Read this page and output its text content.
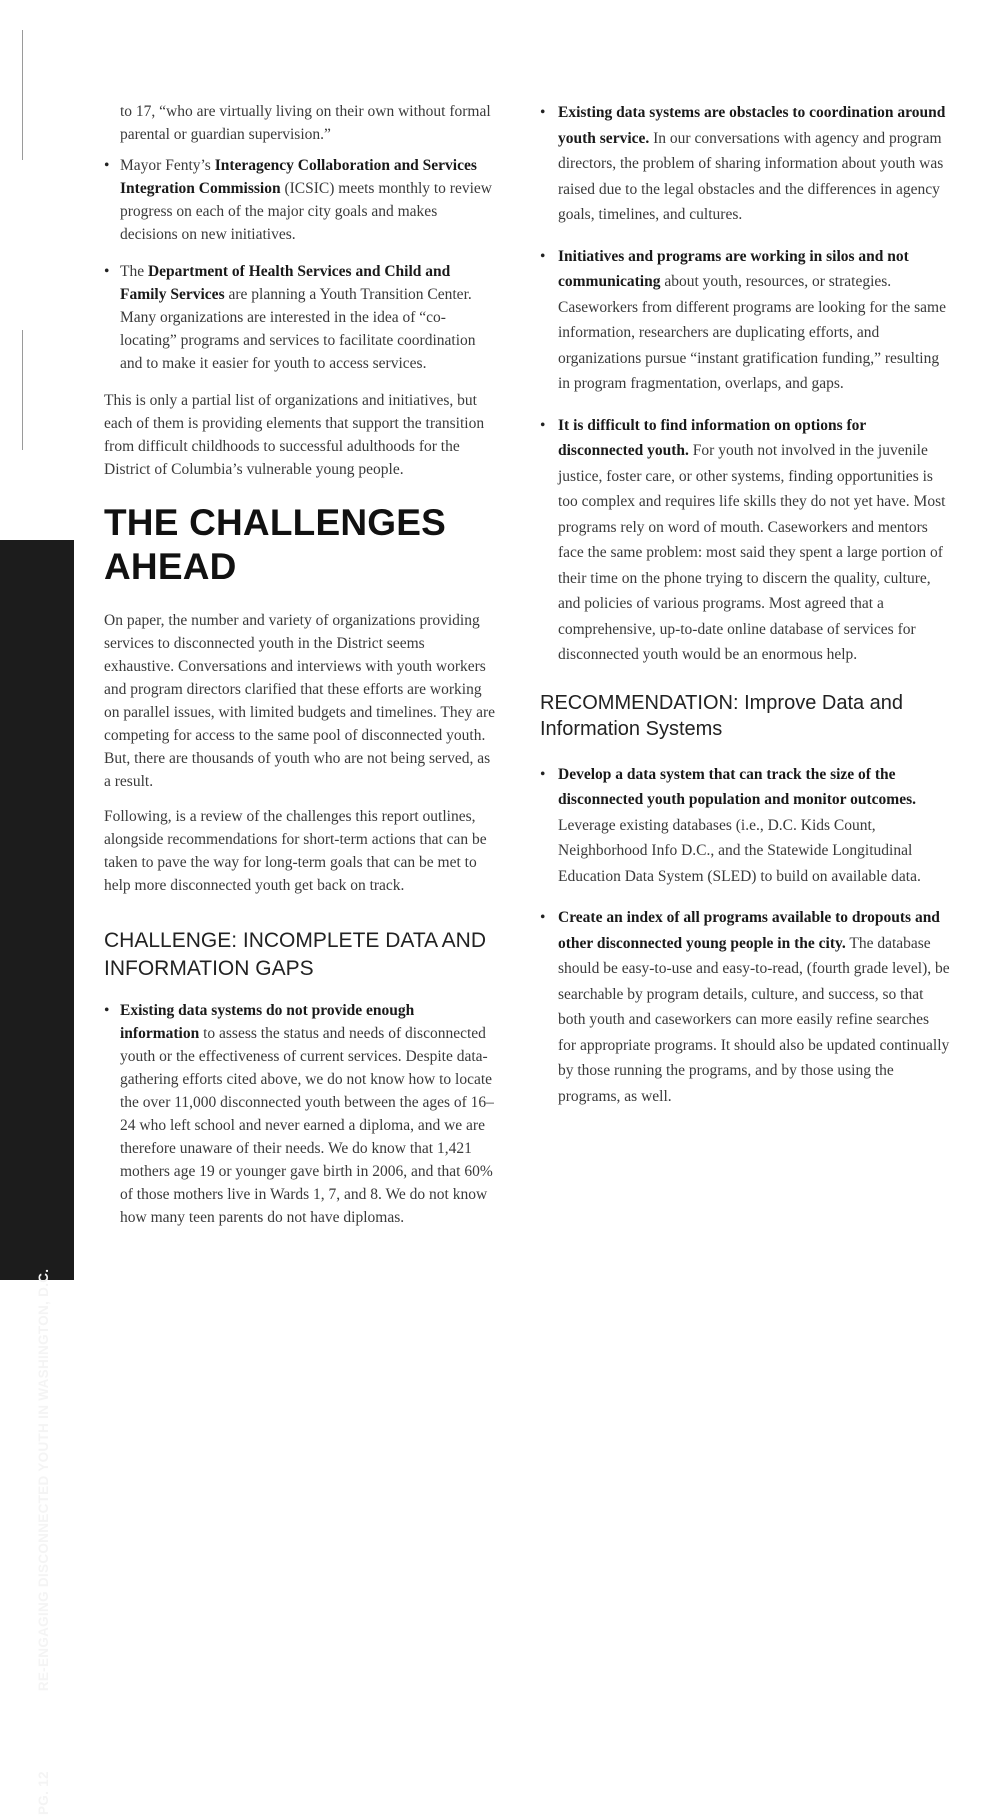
PG. 12RE-ENGAGING DISCONNECTED YOUTH IN WASHINGTON, D.C.

to 17, “who are virtually living on their own without formal parental or guardian supervision.”

• Mayor Fenty’s Interagency Collaboration and Services Integration Commission (ICSIC) meets monthly to review progress on each of the major city goals and makes decisions on new initiatives.
• The Department of Health Services and Child and Family Services are planning a Youth Transition Center. Many organizations are interested in the idea of “co-locating” programs and services to facilitate coordination and to make it easier for youth to access services.

This is only a partial list of organizations and initiatives, but each of them is providing elements that support the transition from difficult childhoods to successful adulthoods for the District of Columbia’s vulnerable young people.

THE CHALLENGES AHEAD

On paper, the number and variety of organizations providing services to disconnected youth in the District seems exhaustive. Conversations and interviews with youth workers and program directors clarified that these efforts are working on parallel issues, with limited budgets and timelines. They are competing for access to the same pool of disconnected youth. But, there are thousands of youth who are not being served, as a result.

Following, is a review of the challenges this report outlines, alongside recommendations for short-term actions that can be taken to pave the way for long-term goals that can be met to help more disconnected youth get back on track.

CHALLENGE: INCOMPLETE DATA AND INFORMATION GAPS
• Existing data systems do not provide enough information to assess the status and needs of disconnected youth or the effectiveness of current services. Despite data-gathering efforts cited above, we do not know how to locate the over 11,000 disconnected youth between the ages of 16–24 who left school and never earned a diploma, and we are therefore unaware of their needs. We do know that 1,421 mothers age 19 or younger gave birth in 2006, and that 60% of those mothers live in Wards 1, 7, and 8. We do not know how many teen parents do not have diplomas.
• Existing data systems are obstacles to coordination around youth service. In our conversations with agency and program directors, the problem of sharing information about youth was raised due to the legal obstacles and the differences in agency goals, timelines, and cultures.
• Initiatives and programs are working in silos and not communicating about youth, resources, or strategies. Caseworkers from different programs are looking for the same information, researchers are duplicating efforts, and organizations pursue “instant gratification funding,” resulting in program fragmentation, overlaps, and gaps.
• It is difficult to find information on options for disconnected youth. For youth not involved in the juvenile justice, foster care, or other systems, finding opportunities is too complex and requires life skills they do not yet have. Most programs rely on word of mouth. Caseworkers and mentors face the same problem: most said they spent a large portion of their time on the phone trying to discern the quality, culture, and policies of various programs. Most agreed that a comprehensive, up-to-date online database of services for disconnected youth would be an enormous help.
RECOMMENDATION: Improve Data and Information Systems
• Develop a data system that can track the size of the disconnected youth population and monitor outcomes. Leverage existing databases (i.e., D.C. Kids Count, Neighborhood Info D.C., and the Statewide Longitudinal Education Data System (SLED) to build on available data.
• Create an index of all programs available to dropouts and other disconnected young people in the city. The database should be easy-to-use and easy-to-read, (fourth grade level), be searchable by program details, culture, and success, so that both youth and caseworkers can more easily refine searches for appropriate programs. It should also be updated continually by those running the programs, and by those using the programs, as well.
